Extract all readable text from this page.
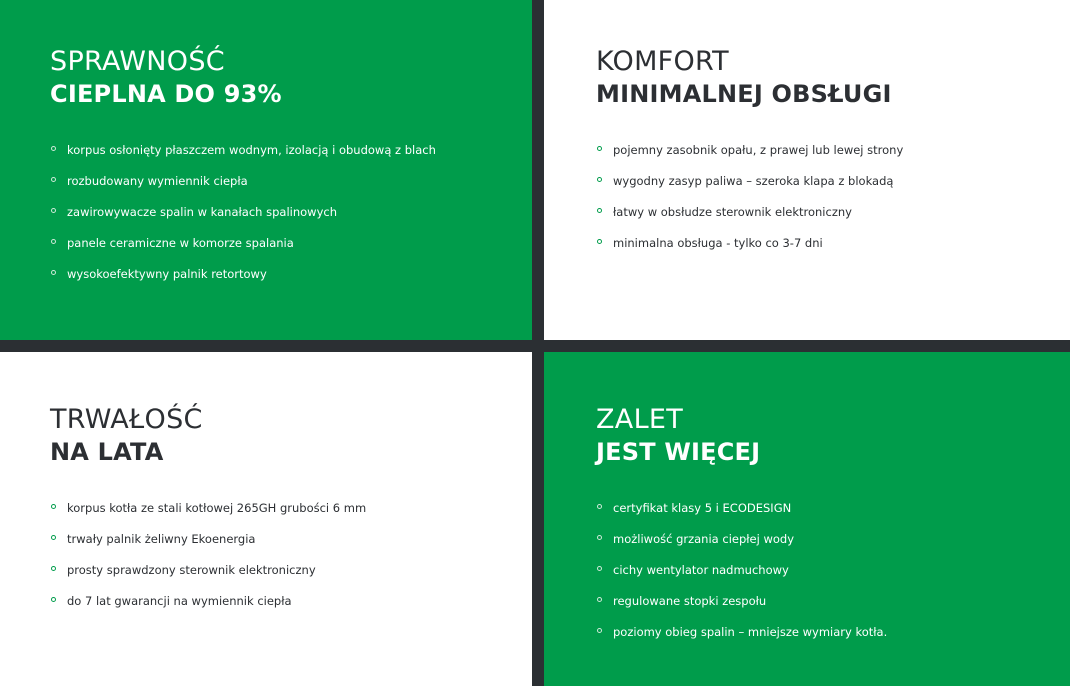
SPRAWNOŚĆ
CIEPLNA DO 93%
korpus osłonięty płaszczem wodnym, izolacją i obudową z blach
rozbudowany wymiennik ciepła
zawirowywacze spalin w kanałach spalinowych
panele ceramiczne w komorze spalania
wysokoefektywny palnik retortowy
KOMFORT
MINIMALNEJ OBSŁUGI
pojemny zasobnik opału, z prawej lub lewej strony
wygodny zasyp paliwa – szeroka klapa z blokadą
łatwy w obsłudze sterownik elektroniczny
minimalna obsługa - tylko co 3-7 dni
TRWAŁOŚĆ
NA LATA
korpus kotła ze stali kotłowej 265GH grubości 6 mm
trwały palnik żeliwny Ekoenergia
prosty sprawdzony sterownik elektroniczny
do 7 lat gwarancji na wymiennik ciepła
ZALET
JEST WIĘCEJ
certyfikat klasy 5 i ECODESIGN
możliwość grzania ciepłej wody
cichy wentylator nadmuchowy
regulowane stopki zespołu
poziomy obieg spalin – mniejsze wymiary kotła.
